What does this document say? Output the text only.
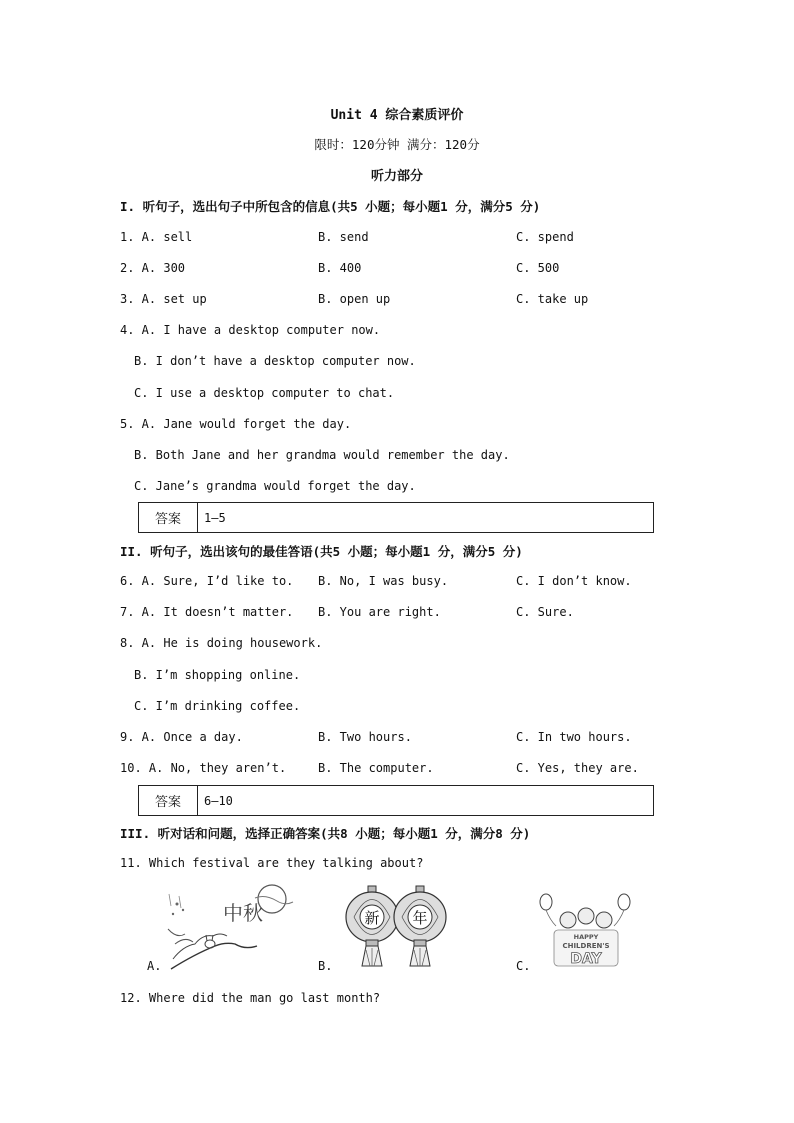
Unit 4 综合素质评价
限时：120分钟 满分：120分
听力部分
I. 听句子，选出句子中所包含的信息(共5 小题；每小题1 分，满分5 分)
1. A. sell	B. send	C. spend
2. A. 300	B. 400	C. 500
3. A. set up	B. open up	C. take up
4. A. I have a desktop computer now.
B. I don’t have a desktop computer now.
C. I use a desktop computer to chat.
5. A. Jane would forget the day.
B. Both Jane and her grandma would remember the day.
C. Jane’s grandma would forget the day.
答案	1—5
II. 听句子，选出该句的最佳答语(共5 小题；每小题1 分，满分5 分)
6. A. Sure, I’d like to. B. No, I was busy.	C. I don’t know.
7. A. It doesn’t matter. B. You are right.	C. Sure.
8. A. He is doing housework.
B. I’m shopping online.
C. I’m drinking coffee.
9. A. Once a day.	B. Two hours.	C. In two hours.
10. A. No, they aren’t.	B. The computer.	C. Yes, they are.
答案	6—10
III. 听对话和问题，选择正确答案(共8 小题；每小题1 分，满分8 分)
11. Which festival are they talking about?
A.
中秋
B.
新 年
C.
HAPPY
CHILDREN'S
DAY
12. Where did the man go last month?
